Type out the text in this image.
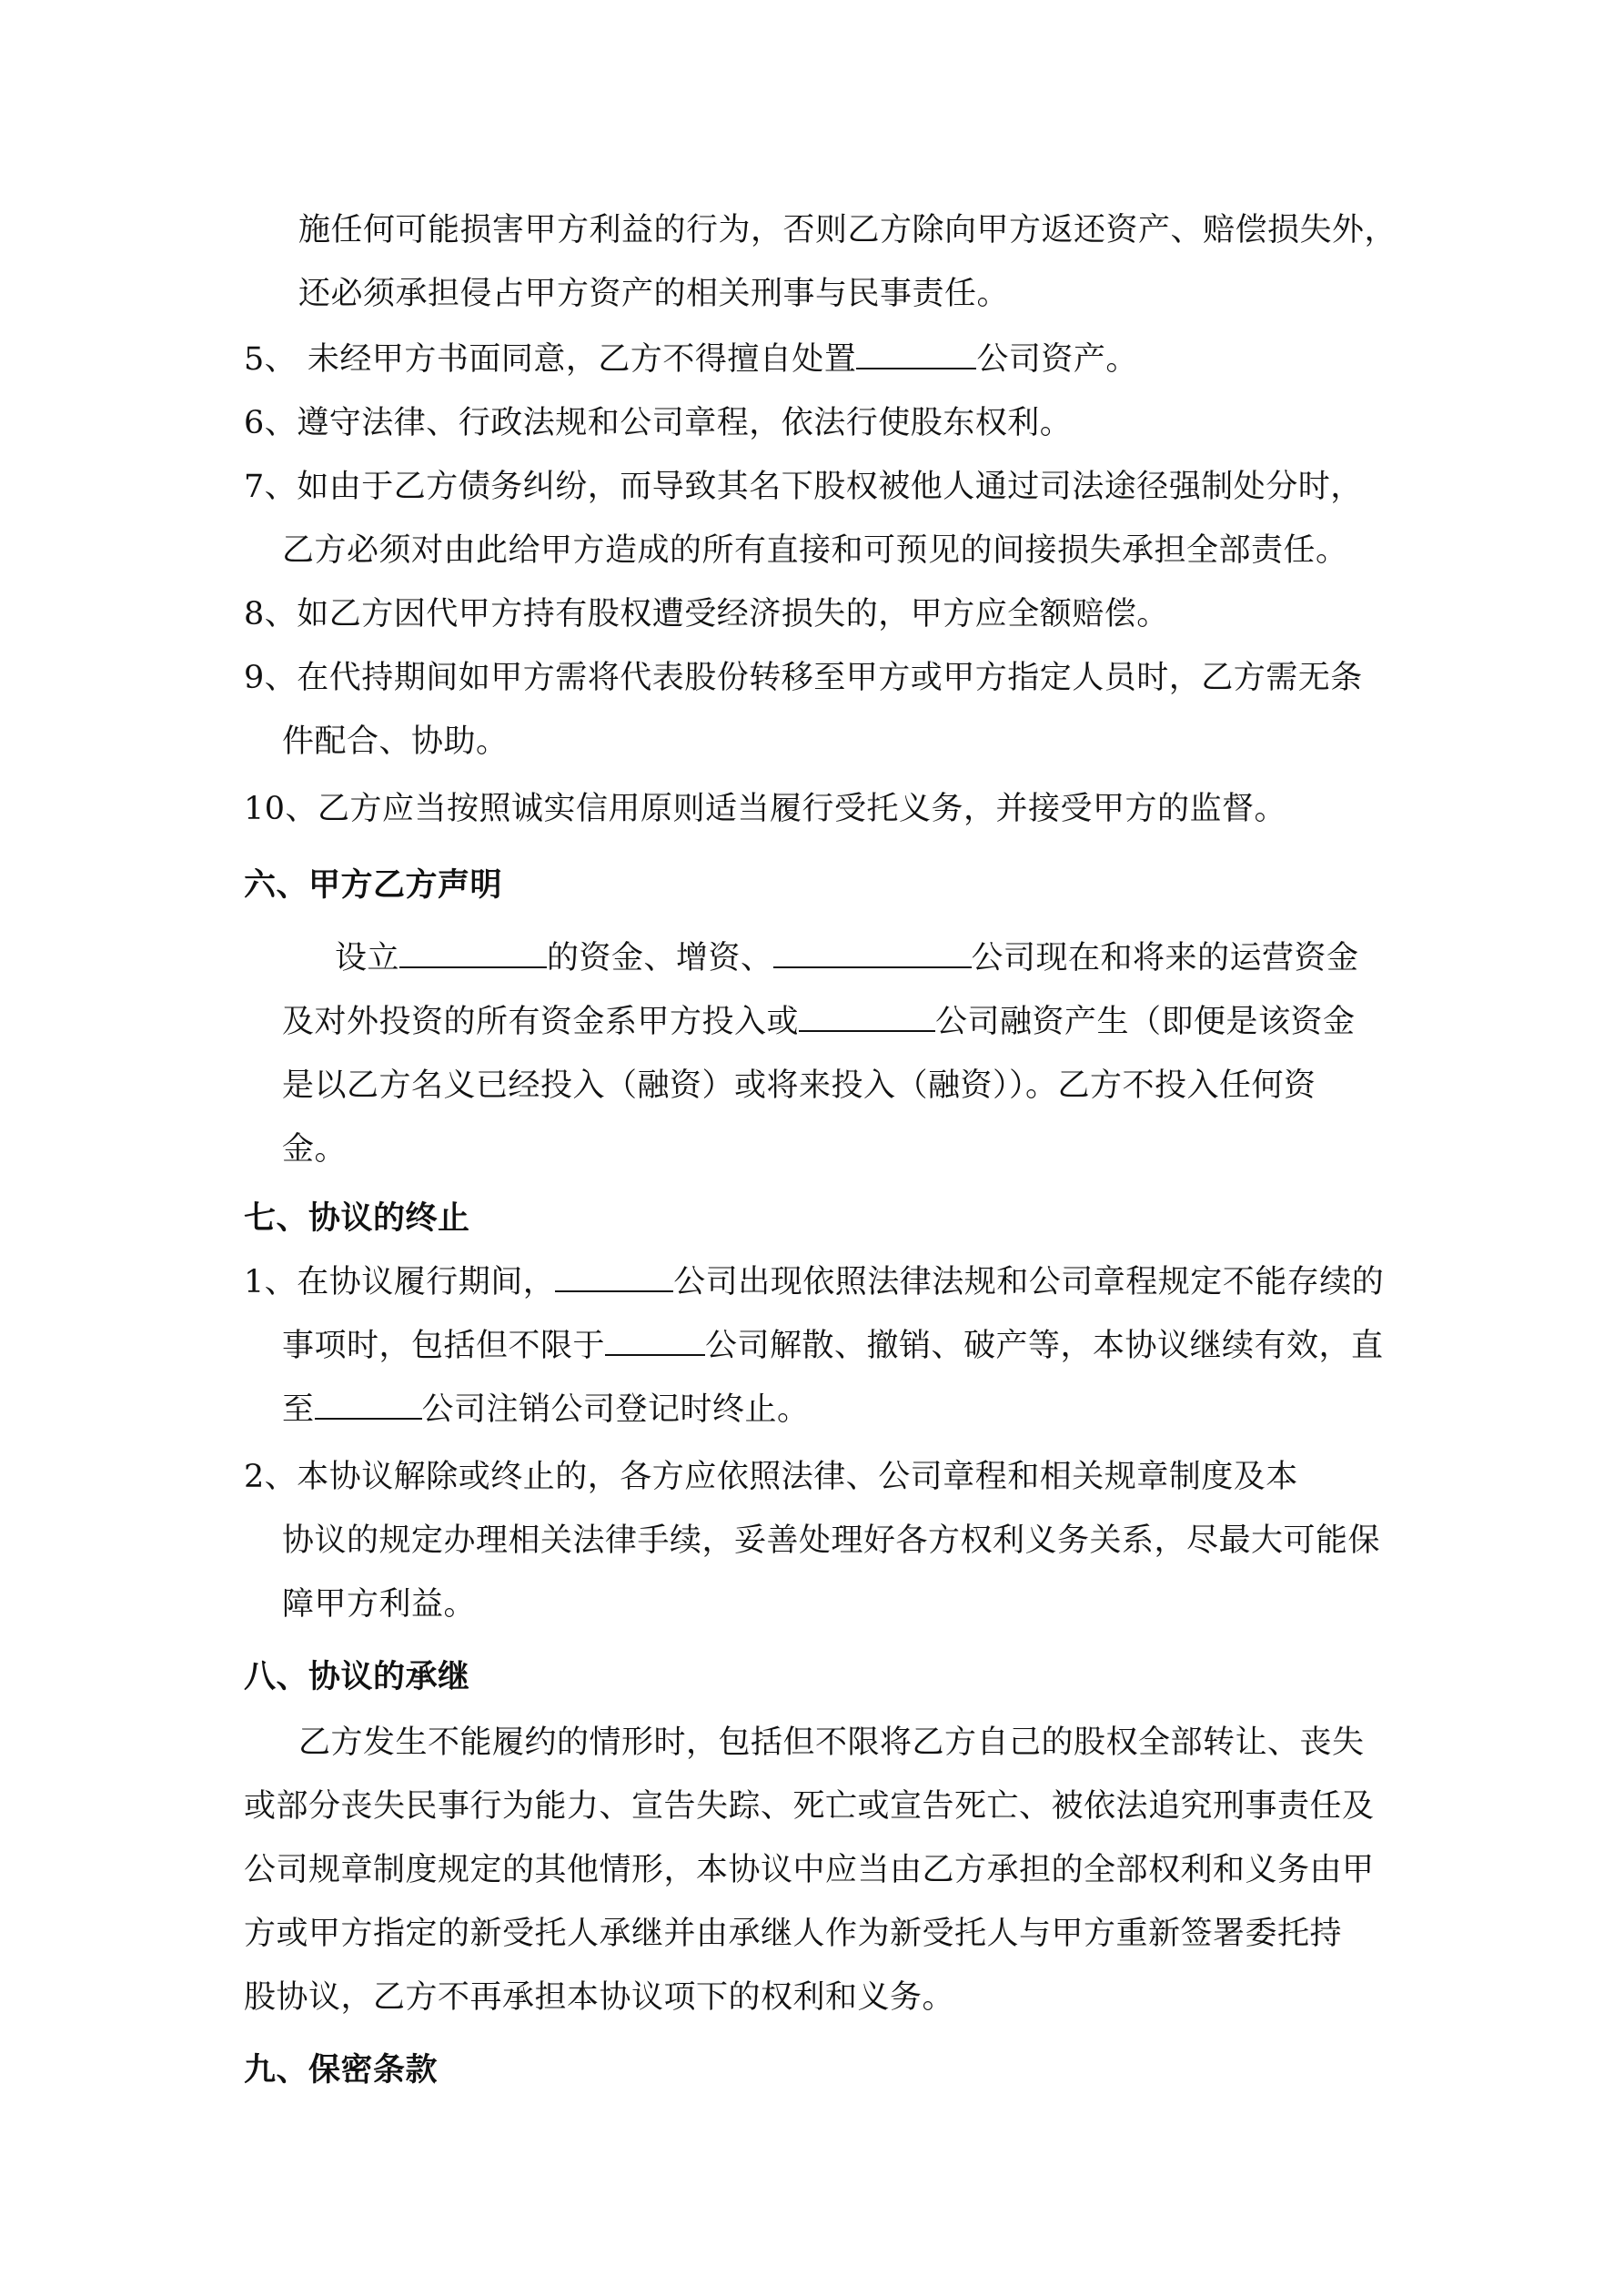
施任何可能损害甲方利益的行为，否则乙方除向甲方返还资产、赔偿损失外，
还必须承担侵占甲方资产的相关刑事与民事责任。
5、 未经甲方书面同意，乙方不得擅自处置	公司资产。
6、遵守法律、行政法规和公司章程，依法行使股东权利。
7、如由于乙方债务纠纷，而导致其名下股权被他人通过司法途径强制处分时，
乙方必须对由此给甲方造成的所有直接和可预见的间接损失承担全部责任。
8、如乙方因代甲方持有股权遭受经济损失的，甲方应全额赔偿。
9、在代持期间如甲方需将代表股份转移至甲方或甲方指定人员时，乙方需无条
件配合、协助。
10、乙方应当按照诚实信用原则适当履行受托义务，并接受甲方的监督。
六、甲方乙方声明
设立	的资金、增资、	公司现在和将来的运营资金
及对外投资的所有资金系甲方投入或	公司融资产生（即便是该资金
是以乙方名义已经投入（融资）或将来投入（融资））。乙方不投入任何资
金。
七、协议的终止
1、在协议履行期间，	公司出现依照法律法规和公司章程规定不能存续的
事项时，包括但不限于	公司解散、撤销、破产等，本协议继续有效，直
至	公司注销公司登记时终止。
2、本协议解除或终止的，各方应依照法律、公司章程和相关规章制度及本
协议的规定办理相关法律手续，妥善处理好各方权利义务关系，尽最大可能保
障甲方利益。
八、协议的承继
乙方发生不能履约的情形时，包括但不限将乙方自己的股权全部转让、丧失
或部分丧失民事行为能力、宣告失踪、死亡或宣告死亡、被依法追究刑事责任及
公司规章制度规定的其他情形，本协议中应当由乙方承担的全部权利和义务由甲
方或甲方指定的新受托人承继并由承继人作为新受托人与甲方重新签署委托持
股协议，乙方不再承担本协议项下的权利和义务。
九、保密条款
